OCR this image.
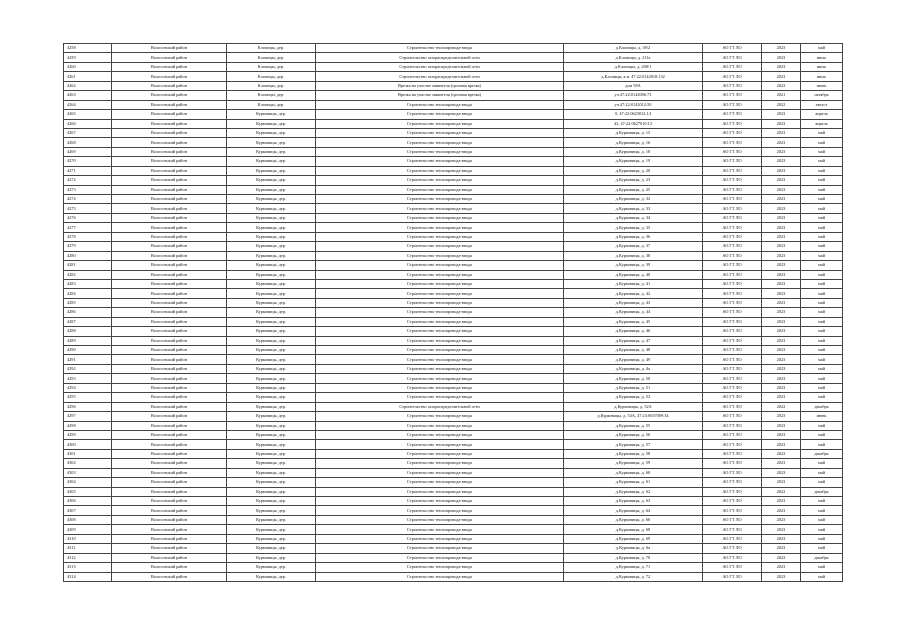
4258	Волосовский район	Клопицы, дер.	Строительство теплопровода-ввода	д.Клопицы, д. 39/2	АО ГТ ЛО	2023	май
4259	Волосовский район	Клопицы, дер.	Строительство газораспределительной сети	д.Клопицы, д. 211а	АО ГТ ЛО	2023	июль
4260	Волосовский район	Клопицы, дер.	Строительство газораспределительной сети	д.Клопицы, д. 208/1	АО ГТ ЛО	2023	июль
4261	Волосовский район	Клопицы, дер.	Строительство газораспределительной сети	д.Клопицы, к.н. 47:22:0142018:132	АО ГТ ЛО	2023	июль
4262	Волосовский район	Клопицы, дер.	Врезка на участке заявителя (срочная врезка)	дом 58А	АО ГТ ЛО	2022	июнь
4263	Волосовский район	Клопицы, дер.	Врезка на участке заявителя (срочная врезка)	уч.47:22:0142006:73	АО ГТ ЛО	2021	октябрь
4264	Волосовский район	Клопицы, дер.	Строительство теплопровода-ввода	уч.47:22:0142012:50	АО ГТ ЛО	2022	август
4265	Волосовский район	Курковицы, дер.	Строительство теплопровода-ввода	0, 47:22:0623012:14	АО ГТ ЛО	2023	апрель
4266	Волосовский район	Курковицы, дер.	Строительство теплопровода-ввода	43, 47:22:0627010:13	АО ГТ ЛО	2023	апрель
4267	Волосовский район	Курковицы, дер.	Строительство теплопровода-ввода	д.Курковицы, д. 15	АО ГТ ЛО	2023	май
4268	Волосовский район	Курковицы, дер.	Строительство теплопровода-ввода	д.Курковицы, д. 16	АО ГТ ЛО	2023	май
4269	Волосовский район	Курковицы, дер.	Строительство теплопровода-ввода	д.Курковицы, д. 18	АО ГТ ЛО	2023	май
4270	Волосовский район	Курковицы, дер.	Строительство теплопровода-ввода	д.Курковицы, д. 19	АО ГТ ЛО	2023	май
4271	Волосовский район	Курковицы, дер.	Строительство теплопровода-ввода	д.Курковицы, д. 20	АО ГТ ЛО	2023	май
4272	Волосовский район	Курковицы, дер.	Строительство теплопровода-ввода	д.Курковицы, д. 23	АО ГТ ЛО	2023	май
4273	Волосовский район	Курковицы, дер.	Строительство теплопровода-ввода	д.Курковицы, д. 25	АО ГТ ЛО	2023	май
4274	Волосовский район	Курковицы, дер.	Строительство теплопровода-ввода	д.Курковицы, д. 32	АО ГТ ЛО	2023	май
4275	Волосовский район	Курковицы, дер.	Строительство теплопровода-ввода	д.Курковицы, д. 33	АО ГТ ЛО	2023	май
4276	Волосовский район	Курковицы, дер.	Строительство теплопровода-ввода	д.Курковицы, д. 34	АО ГТ ЛО	2023	май
4277	Волосовский район	Курковицы, дер.	Строительство теплопровода-ввода	д.Курковицы, д. 35	АО ГТ ЛО	2023	май
4278	Волосовский район	Курковицы, дер.	Строительство теплопровода-ввода	д.Курковицы, д. 36	АО ГТ ЛО	2023	май
4279	Волосовский район	Курковицы, дер.	Строительство теплопровода-ввода	д.Курковицы, д. 37	АО ГТ ЛО	2023	май
4280	Волосовский район	Курковицы, дер.	Строительство теплопровода-ввода	д.Курковицы, д. 38	АО ГТ ЛО	2023	май
4281	Волосовский район	Курковицы, дер.	Строительство теплопровода-ввода	д.Курковицы, д. 39	АО ГТ ЛО	2023	май
4282	Волосовский район	Курковицы, дер.	Строительство теплопровода-ввода	д.Курковицы, д. 40	АО ГТ ЛО	2023	май
4283	Волосовский район	Курковицы, дер.	Строительство теплопровода-ввода	д.Курковицы, д. 41	АО ГТ ЛО	2023	май
4284	Волосовский район	Курковицы, дер.	Строительство теплопровода-ввода	д.Курковицы, д. 42	АО ГТ ЛО	2023	май
4285	Волосовский район	Курковицы, дер.	Строительство теплопровода-ввода	д.Курковицы, д. 43	АО ГТ ЛО	2023	май
4286	Волосовский район	Курковицы, дер.	Строительство теплопровода-ввода	д.Курковицы, д. 44	АО ГТ ЛО	2023	май
4287	Волосовский район	Курковицы, дер.	Строительство теплопровода-ввода	д.Курковицы, д. 45	АО ГТ ЛО	2023	май
4288	Волосовский район	Курковицы, дер.	Строительство теплопровода-ввода	д.Курковицы, д. 46	АО ГТ ЛО	2023	май
4289	Волосовский район	Курковицы, дер.	Строительство теплопровода-ввода	д.Курковицы, д. 47	АО ГТ ЛО	2023	май
4290	Волосовский район	Курковицы, дер.	Строительство теплопровода-ввода	д.Курковицы, д. 48	АО ГТ ЛО	2023	май
4291	Волосовский район	Курковицы, дер.	Строительство теплопровода-ввода	д.Курковицы, д. 49	АО ГТ ЛО	2023	май
4292	Волосовский район	Курковицы, дер.	Строительство теплопровода-ввода	д.Курковицы, д. 4а	АО ГТ ЛО	2023	май
4293	Волосовский район	Курковицы, дер.	Строительство теплопровода-ввода	д.Курковицы, д. 50	АО ГТ ЛО	2023	май
4294	Волосовский район	Курковицы, дер.	Строительство теплопровода-ввода	д.Курковицы, д. 51	АО ГТ ЛО	2023	май
4295	Волосовский район	Курковицы, дер.	Строительство теплопровода-ввода	д.Курковицы, д. 52	АО ГТ ЛО	2023	май
4296	Волосовский район	Курковицы, дер.	Строительство газораспределительной сети	д.Курковицы, д. 52А	АО ГТ ЛО	2022	декабрь
4297	Волосовский район	Курковицы, дер.	Строительство теплопровода-ввода	д.Курковицы, д. 54А, 47:23:0637009:34	АО ГТ ЛО	2023	июнь
4298	Волосовский район	Курковицы, дер.	Строительство теплопровода-ввода	д.Курковицы, д. 55	АО ГТ ЛО	2023	май
4299	Волосовский район	Курковицы, дер.	Строительство теплопровода-ввода	д.Курковицы, д. 56	АО ГТ ЛО	2023	май
4300	Волосовский район	Курковицы, дер.	Строительство теплопровода-ввода	д.Курковицы, д. 57	АО ГТ ЛО	2023	май
4301	Волосовский район	Курковицы, дер.	Строительство теплопровода-ввода	д.Курковицы, д. 58	АО ГТ ЛО	2022	декабрь
4302	Волосовский район	Курковицы, дер.	Строительство теплопровода-ввода	д.Курковицы, д. 59	АО ГТ ЛО	2023	май
4303	Волосовский район	Курковицы, дер.	Строительство теплопровода-ввода	д.Курковицы, д. 60	АО ГТ ЛО	2023	май
4304	Волосовский район	Курковицы, дер.	Строительство теплопровода-ввода	д.Курковицы, д. 61	АО ГТ ЛО	2023	май
4305	Волосовский район	Курковицы, дер.	Строительство теплопровода-ввода	д.Курковицы, д. 62	АО ГТ ЛО	2022	декабрь
4306	Волосовский район	Курковицы, дер.	Строительство теплопровода-ввода	д.Курковицы, д. 63	АО ГТ ЛО	2023	май
4307	Волосовский район	Курковицы, дер.	Строительство теплопровода-ввода	д.Курковицы, д. 64	АО ГТ ЛО	2023	май
4308	Волосовский район	Курковицы, дер.	Строительство теплопровода-ввода	д.Курковицы, д. 66	АО ГТ ЛО	2023	май
4309	Волосовский район	Курковицы, дер.	Строительство теплопровода-ввода	д.Курковицы, д. 68	АО ГТ ЛО	2023	май
4310	Волосовский район	Курковицы, дер.	Строительство теплопровода-ввода	д.Курковицы, д. 69	АО ГТ ЛО	2023	май
4311	Волосовский район	Курковицы, дер.	Строительство теплопровода-ввода	д.Курковицы, д. 6а	АО ГТ ЛО	2023	май
4312	Волосовский район	Курковицы, дер.	Строительство теплопровода-ввода	д.Курковицы, д. 70	АО ГТ ЛО	2022	декабрь
4313	Волосовский район	Курковицы, дер.	Строительство теплопровода-ввода	д.Курковицы, д. 71	АО ГТ ЛО	2023	май
4314	Волосовский район	Курковицы, дер.	Строительство теплопровода-ввода	д.Курковицы, д. 72	АО ГТ ЛО	2023	май
